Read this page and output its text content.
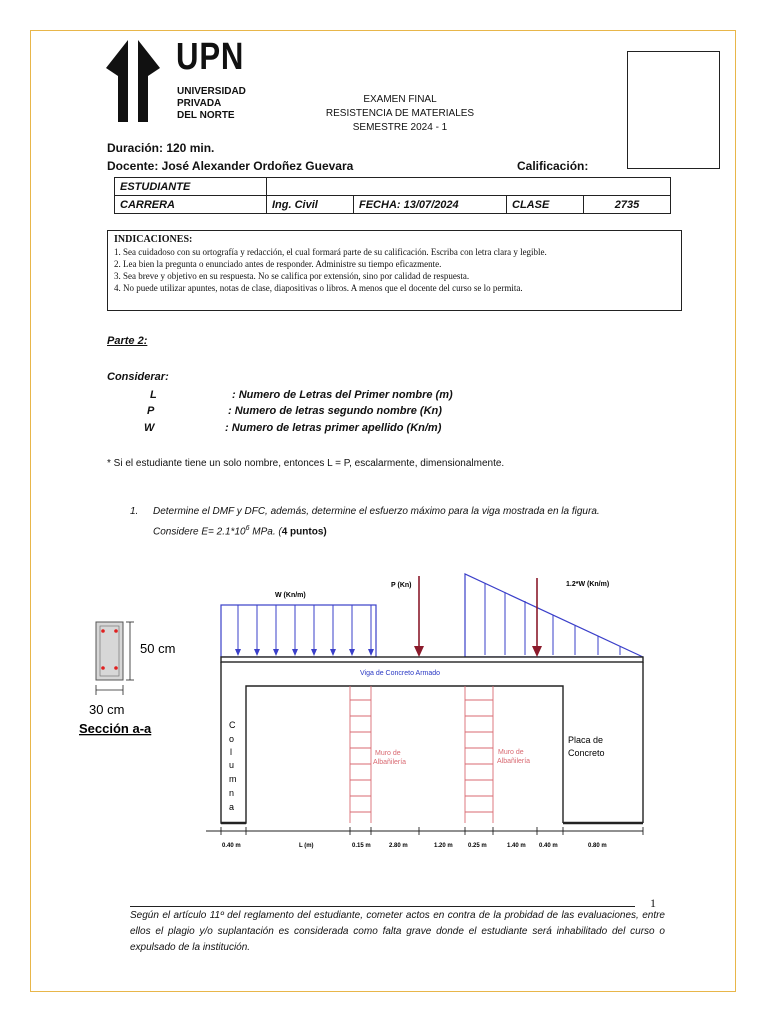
UPN
UNIVERSIDAD
PRIVADA
DEL NORTE
EXAMEN FINAL
RESISTENCIA DE MATERIALES
SEMESTRE 2024 - 1
Duración: 120 min.
Docente: José Alexander Ordoñez Guevara	Calificación:
ESTUDIANTE				
CARRERA	Ing. Civil	FECHA: 13/07/2024	CLASE	2735
INDICACIONES:
1. Sea cuidadoso con su ortografía y redacción, el cual formará parte de su calificación. Escriba con letra clara y legible.
2. Lea bien la pregunta o enunciado antes de responder. Administre su tiempo eficazmente.
3. Sea breve y objetivo en su respuesta. No se califica por extensión, sino por calidad de respuesta.
4. No puede utilizar apuntes, notas de clase, diapositivas o libros. A menos que el docente del curso se lo permita.
Parte 2:
Considerar:
L	: Numero de Letras del Primer nombre (m)
P	: Numero de letras segundo nombre (Kn)
W	: Numero de letras primer apellido (Kn/m)
* Si el estudiante tiene un solo nombre, entonces L = P, escalarmente, dimensionalmente.
1. Determine el DMF y DFC, además, determine el esfuerzo máximo para la viga mostrada en la figura.
Considere $E= 2.1*10^6$ MPa. (4 puntos)
50 cm
30 cm
Sección a-a
W (Kn/m)
P (Kn)	1.2*W (Kn/m)
Viga de Concreto Armado
C
o
l
u
m
n
a
Muro de
Albañilería
Muro de
Albañilería
Placa de
Concreto
0.40 m	L (m)	0.15 m	2.80 m	1.20 m	0.25 m	1.40 m 0.40 m	0.80 m
1
Según el artículo 11º del reglamento del estudiante, cometer actos en contra de la probidad de las evaluaciones, entre ellos el plagio y/o suplantación es considerada como falta grave donde el estudiante será inhabilitado del curso o expulsado de la institución.
